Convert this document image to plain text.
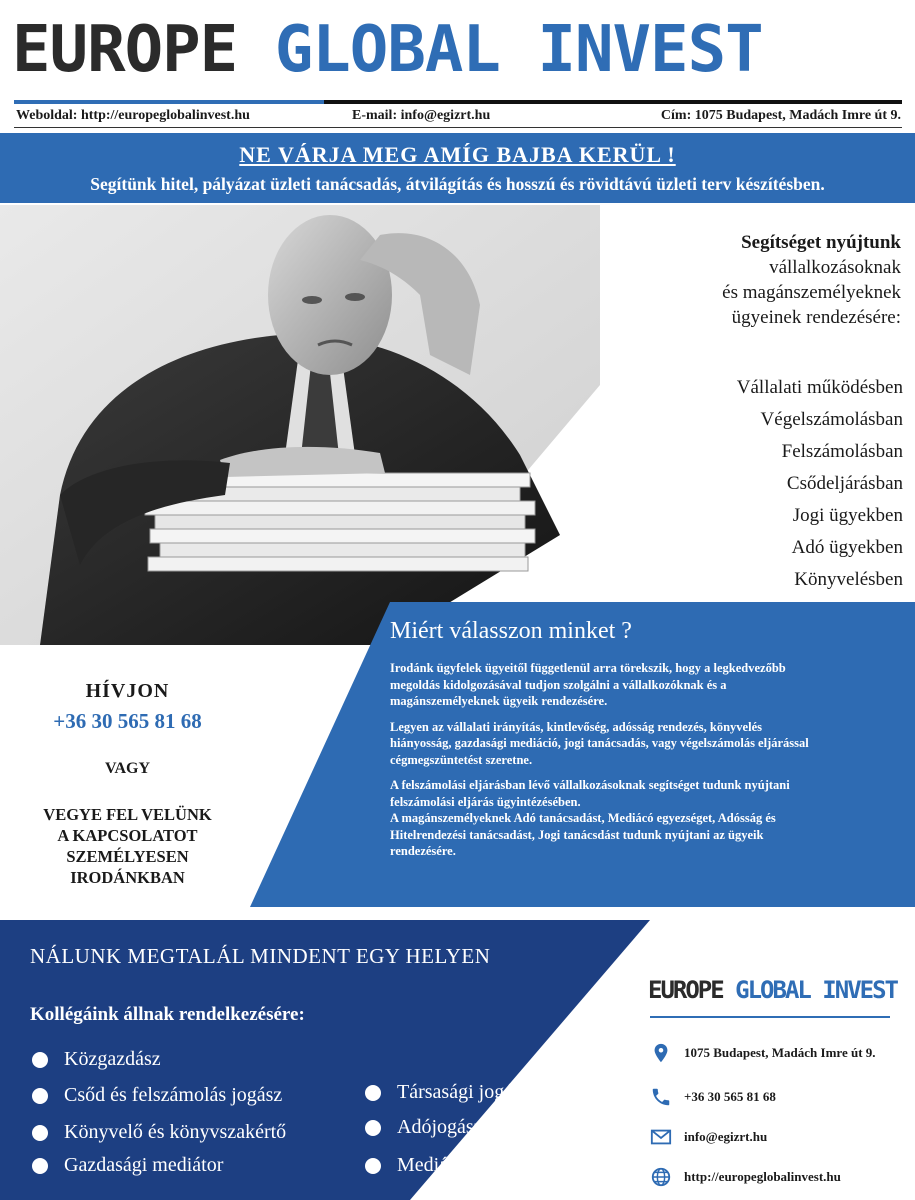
EUROPE GLOBAL INVEST
Weboldal: http://europeglobalinvest.hu	E-mail: info@egizrt.hu	Cím: 1075 Budapest, Madách Imre út 9.
NE VÁRJA MEG AMÍG BAJBA KERÜL !
Segítünk hitel, pályázat üzleti tanácsadás, átvilágítás és hosszú és rövidtávú üzleti terv készítésben.
Segítséget nyújtunk
vállalkozásoknak
és magánszemélyeknek
ügyeinek rendezésére:
Vállalati működésben
Végelszámolásban
Felszámolásban
Csődeljárásban
Jogi ügyekben
Adó ügyekben
Könyvelésben
Miért válasszon minket ?

Irodánk ügyfelek ügyeitől függetlenül arra törekszik, hogy a legkedvezőbb megoldás kidolgozásával tudjon szolgálni a vállalkozóknak és a magánszemélyeknek ügyeik rendezésére.

Legyen az vállalati irányítás, kintlevőség, adósság rendezés, könyvelés hiányosság, gazdasági mediáció, jogi tanácsadás, vagy végelszámolás eljárással cégmegszüntetést szeretne.

A felszámolási eljárásban lévő vállalkozásoknak segítséget tudunk nyújtani felszámolási eljárás ügyintézésében.
A magánszemélyeknek Adó tanácsadást, Mediácó egyezséget, Adósság és Hitelrendezési tanácsadást, Jogi tanácsdást tudunk nyújtani az ügyeik rendezésére.
HÍVJON
+36 30 565 81 68
VAGY
VEGYE FEL VELÜNK
A KAPCSOLATOT
SZEMÉLYESEN
IRODÁNKBAN
NÁLUNK MEGTALÁL MINDENT EGY HELYEN
Kollégáink állnak rendelkezésére:
Közgazdász
Csőd és felszámolás jogász
Könyvelő és könyvszakértő
Gazdasági mediátor
Társasági jogász
Adójogász
Mediátor
EUROPE GLOBAL INVEST
1075 Budapest, Madách Imre út 9.
+36 30 565 81 68
info@egizrt.hu
http://europeglobalinvest.hu
